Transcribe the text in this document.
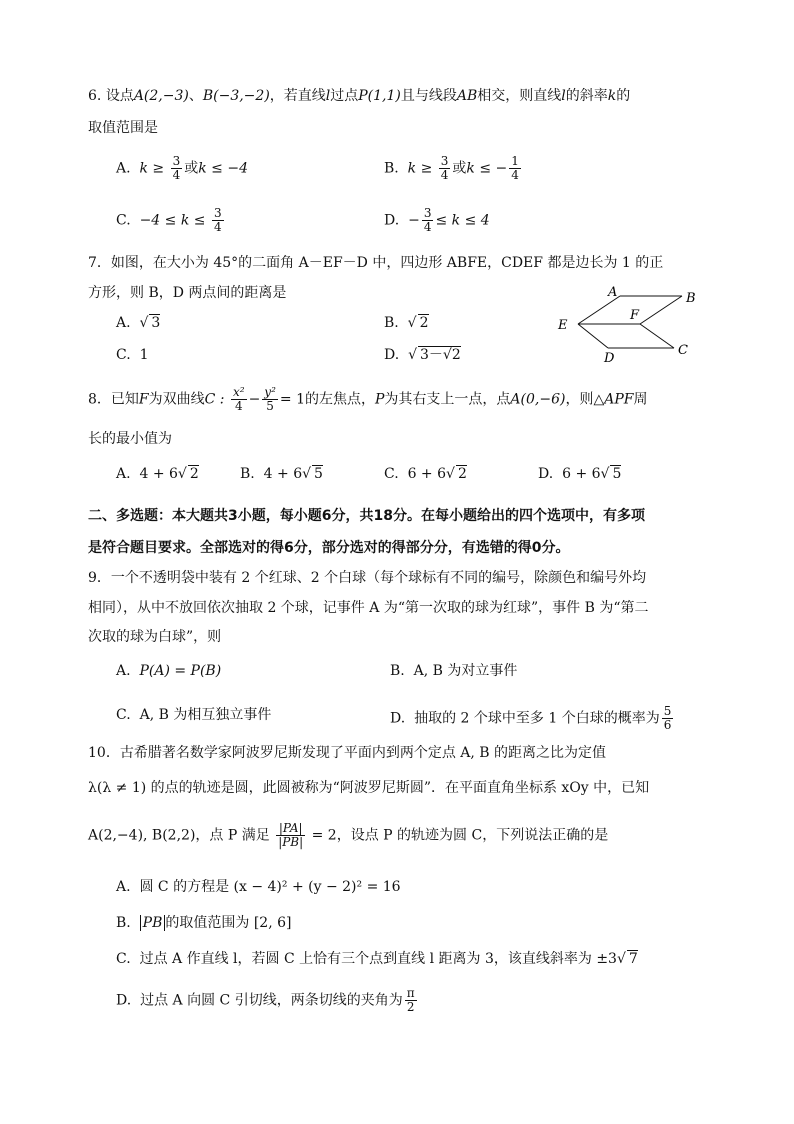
6. 设点A(2,−3)、B(−3,−2)，若直线l过点P(1,1)且与线段AB相交，则直线l的斜率k的
取值范围是
A. $k \ge \frac{3}{4}$ 或k ≤ −4	B. $k \ge \frac{3}{4}$ 或k ≤ − $\frac{1}{4}$
C. $-4 \le k \le \frac{3}{4}$	D. − $\frac{3}{4} \le k \le 4$
7．如图，在大小为 45°的二面角 A－EF－D 中，四边形 ABFE，CDEF 都是边长为 1 的正
方形，则 B，D 两点间的距离是
A.  √ 3	B.  √ 2
C. 1	D.  √ 3－√2
A	B
E
F
D
C
8．已知F为双曲线C : $\frac{\text{x²}}{4} - \frac{\text{y²}}{5} = 1$的左焦点，P为其右支上一点，点A(0,−6)，则△APF周
长的最小值为
A. 4 + 6√ 2	B. 4 + 6√ 5	C. 6 + 6√ 2	D. 6 + 6√ 5
二、多选题：本大题共3小题，每小题6分，共18分。在每小题给出的四个选项中，有多项
是符合题目要求。全部选对的得6分，部分选对的得部分分，有选错的得0分。
9．一个不透明袋中装有 2 个红球、2 个白球（每个球标有不同的编号，除颜色和编号外均
相同），从中不放回依次抽取 2 个球，记事件 A 为“第一次取的球为红球”，事件 B 为“第二
次取的球为白球”，则
A. P(A) = P(B)	B. A, B 为对立事件
C. A, B 为相互独立事件	D. 抽取的 2 个球中至多 1 个白球的概率为 $\frac{5}{6}$
10．古希腊著名数学家阿波罗尼斯发现了平面内到两个定点 A, B 的距离之比为定值
λ(λ ≠ 1) 的点的轨迹是圆，此圆被称为“阿波罗尼斯圆”．在平面直角坐标系 xOy 中，已知
A(2,−4), B(2,2)，点 P 满足 $\frac{|PA|}{|PB|} = 2$，设点 P 的轨迹为圆 C，下列说法正确的是
A. 圆 C 的方程是 (x − 4)² + (y − 2)² = 16
B. PB 的取值范围为 [2, 6]
C. 过点 A 作直线 l，若圆 C 上恰有三个点到直线 l 距离为 3，该直线斜率为 ±3√ 7
D. 过点 A 向圆 C 引切线，两条切线的夹角为 $\frac{\pi}{2}$
